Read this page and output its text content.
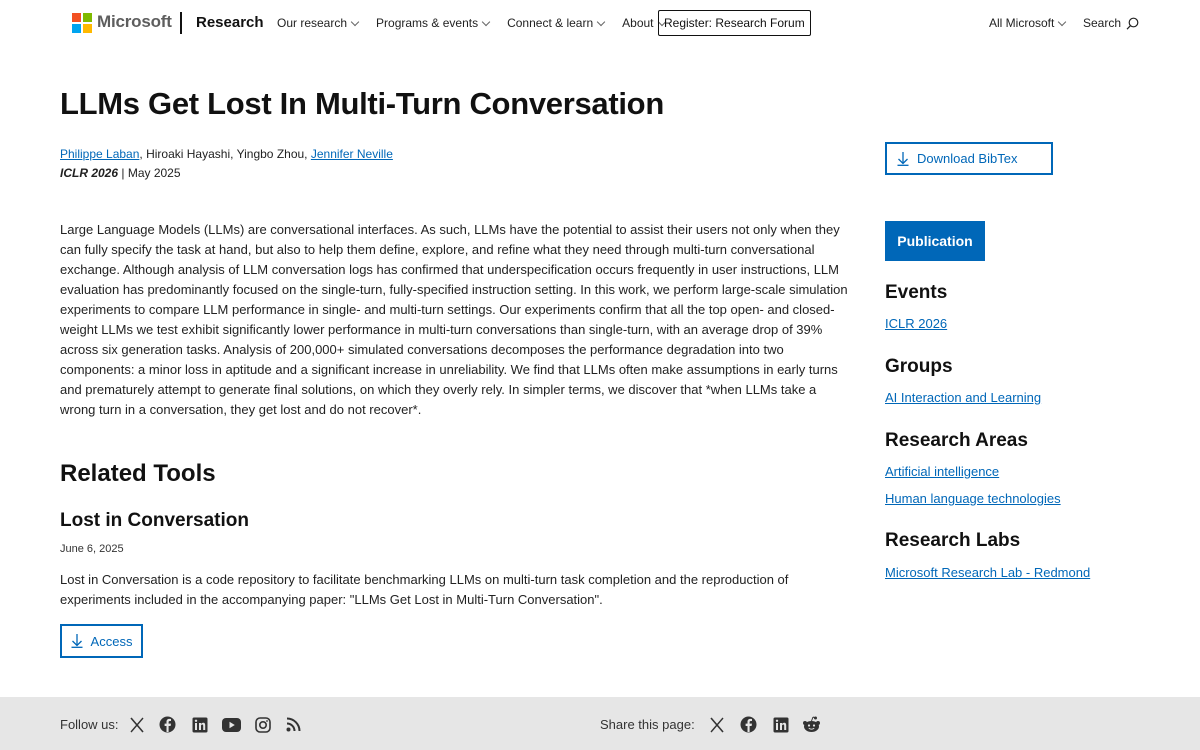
Microsoft Research Our research Programs & events Connect & learn About Register: Research Forum	All Microsoft Search
LLMs Get Lost In Multi-Turn Conversation
Philippe Laban, Hiroaki Hayashi, Yingbo Zhou, Jennifer Neville
ICLR 2026 | May 2025

Large Language Models (LLMs) are conversational interfaces. As such, LLMs have the potential to assist their users not only when they can fully specify the task at hand, but also to help them define, explore, and refine what they need through multi-turn conversational exchange. Although analysis of LLM conversation logs has confirmed that underspecification occurs frequently in user instructions, LLM evaluation has predominantly focused on the single-turn, fully-specified instruction setting. In this work, we perform large-scale simulation experiments to compare LLM performance in single- and multi-turn settings. Our experiments confirm that all the top open- and closed-weight LLMs we test exhibit significantly lower performance in multi-turn conversations than single-turn, with an average drop of 39% across six generation tasks. Analysis of 200,000+ simulated conversations decomposes the performance degradation into two components: a minor loss in aptitude and a significant increase in unreliability. We find that LLMs often make assumptions in early turns and prematurely attempt to generate final solutions, on which they overly rely. In simpler terms, we discover that *when LLMs take a wrong turn in a conversation, they get lost and do not recover*.

Related Tools
Lost in Conversation
June 6, 2025

Lost in Conversation is a code repository to facilitate benchmarking LLMs on multi-turn task completion and the reproduction of experiments included in the accompanying paper: "LLMs Get Lost in Multi-Turn Conversation".

Access
Download BibTex
Publication
Events
ICLR 2026
Groups
AI Interaction and Learning
Research Areas
Artificial intelligence
Human language technologies
Research Labs
Microsoft Research Lab - Redmond
Follow us:	Share this page:
